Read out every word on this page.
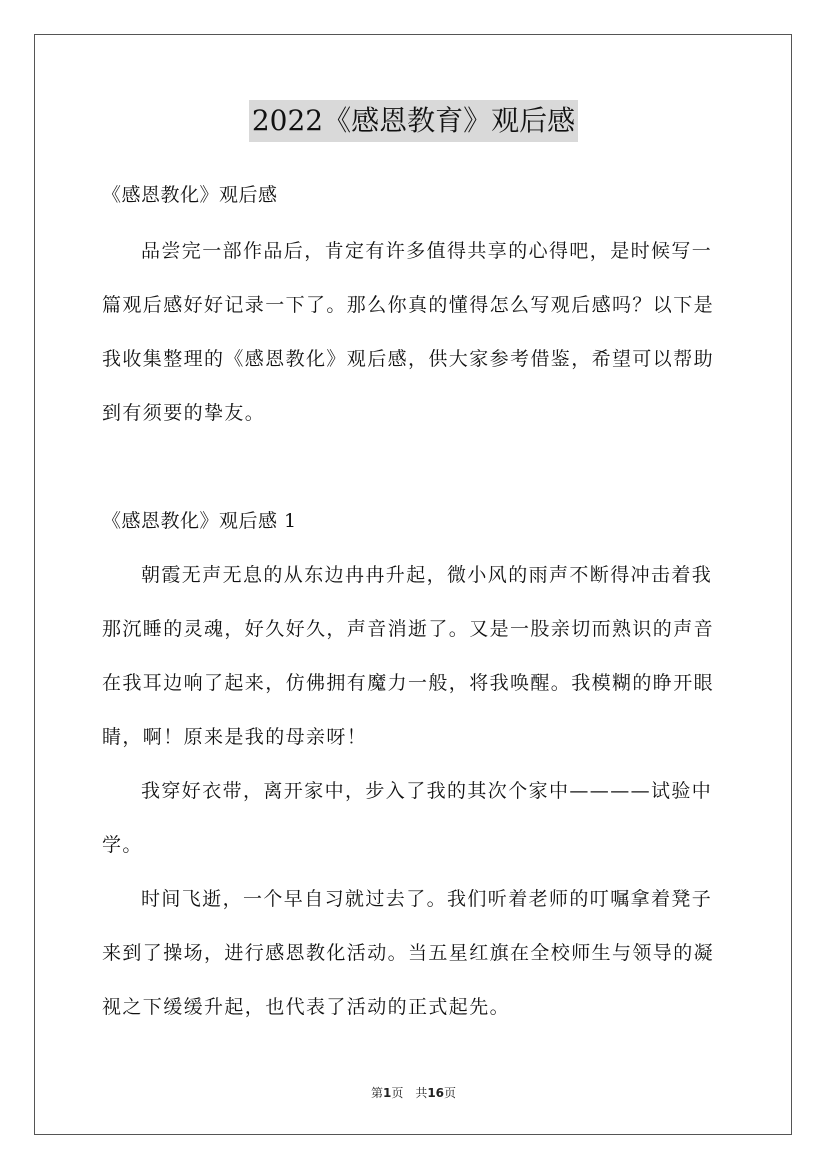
2022《感恩教育》观后感
《感恩教化》观后感
品尝完一部作品后，肯定有许多值得共享的心得吧，是时候写一
篇观后感好好记录一下了。那么你真的懂得怎么写观后感吗？以下是
我收集整理的《感恩教化》观后感，供大家参考借鉴，希望可以帮助
到有须要的挚友。
《感恩教化》观后感 1
朝霞无声无息的从东边冉冉升起，微小风的雨声不断得冲击着我
那沉睡的灵魂，好久好久，声音消逝了。又是一股亲切而熟识的声音
在我耳边响了起来，仿佛拥有魔力一般，将我唤醒。我模糊的睁开眼
睛，啊！原来是我的母亲呀！
我穿好衣带，离开家中，步入了我的其次个家中————试验中
学。
时间飞逝，一个早自习就过去了。我们听着老师的叮嘱拿着凳子
来到了操场，进行感恩教化活动。当五星红旗在全校师生与领导的凝
视之下缓缓升起，也代表了活动的正式起先。
第1页　共16页
